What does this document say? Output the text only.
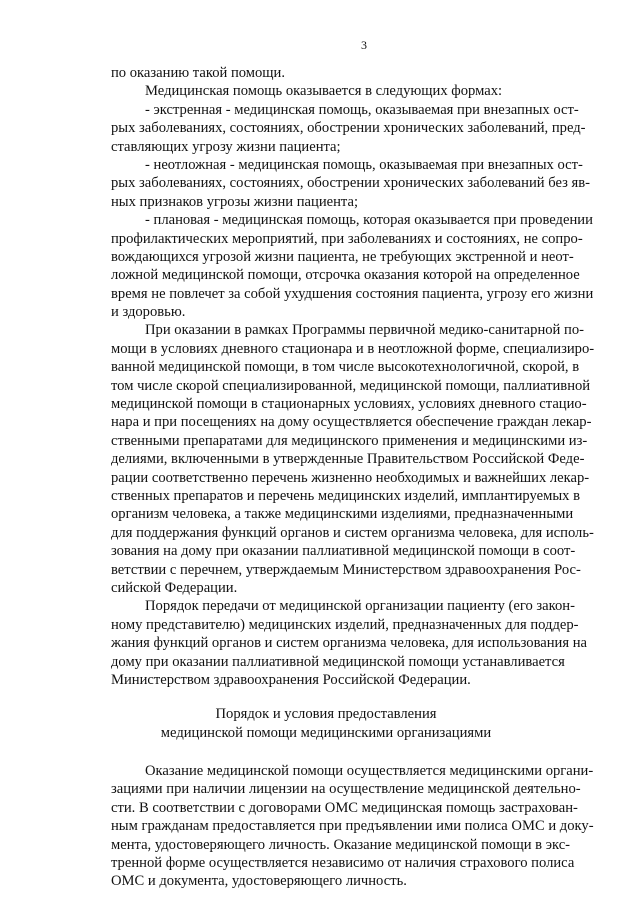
3
по оказанию такой помощи.
Медицинская помощь оказывается в следующих формах:
- экстренная - медицинская помощь, оказываемая при внезапных ост-
рых заболеваниях, состояниях, обострении хронических заболеваний, пред-
ставляющих угрозу жизни пациента;
- неотложная - медицинская помощь, оказываемая при внезапных ост-
рых заболеваниях, состояниях, обострении хронических заболеваний без яв-
ных признаков угрозы жизни пациента;
- плановая - медицинская помощь, которая оказывается при проведении
профилактических мероприятий, при заболеваниях и состояниях, не сопро-
вождающихся угрозой жизни пациента, не требующих экстренной и неот-
ложной медицинской помощи, отсрочка оказания которой на определенное
время не повлечет за собой ухудшения состояния пациента, угрозу его жизни
и здоровью.
При оказании в рамках Программы первичной медико-санитарной по-
мощи в условиях дневного стационара и в неотложной форме, специализиро-
ванной медицинской помощи, в том числе высокотехнологичной, скорой, в
том числе скорой специализированной, медицинской помощи, паллиативной
медицинской помощи в стационарных условиях, условиях дневного стацио-
нара и при посещениях на дому осуществляется обеспечение граждан лекар-
ственными препаратами для медицинского применения и медицинскими из-
делиями, включенными в утвержденные Правительством Российской Феде-
рации соответственно перечень жизненно необходимых и важнейших лекар-
ственных препаратов и перечень медицинских изделий, имплантируемых в
организм человека, а также медицинскими изделиями, предназначенными
для поддержания функций органов и систем организма человека, для исполь-
зования на дому при оказании паллиативной медицинской помощи в соот-
ветствии с перечнем, утверждаемым Министерством здравоохранения Рос-
сийской Федерации.
Порядок передачи от медицинской организации пациенту (его закон-
ному представителю) медицинских изделий, предназначенных для поддер-
жания функций органов и систем организма человека, для использования на
дому при оказании паллиативной медицинской помощи устанавливается
Министерством здравоохранения Российской Федерации.
Порядок и условия предоставления
медицинской помощи медицинскими организациями
Оказание медицинской помощи осуществляется медицинскими органи-
зациями при наличии лицензии на осуществление медицинской деятельно-
сти. В соответствии с договорами ОМС медицинская помощь застрахован-
ным гражданам предоставляется при предъявлении ими полиса ОМС и доку-
мента, удостоверяющего личность. Оказание медицинской помощи в экс-
тренной форме осуществляется независимо от наличия страхового полиса
ОМС и документа, удостоверяющего личность.
